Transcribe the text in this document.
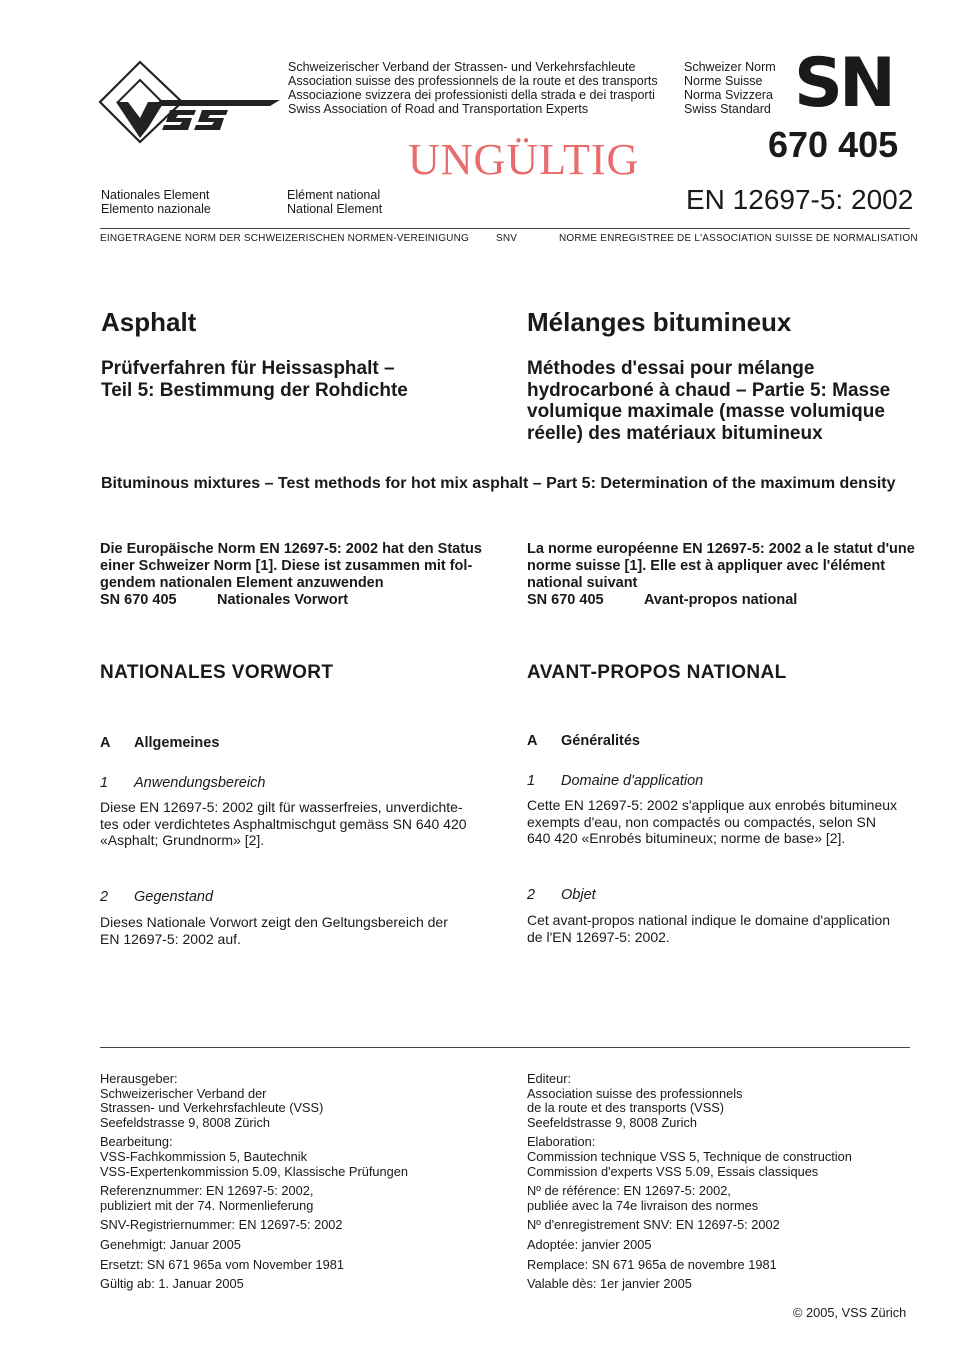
VSS
Schweizerischer Verband der Strassen- und Verkehrsfachleute
Association suisse des professionnels de la route et des transports
Associazione svizzera dei professionisti della strada e dei trasporti
Swiss Association of Road and Transportation Experts
Schweizer Norm
Norme Suisse
Norma Svizzera
Swiss Standard SN
670 405
UNGÜLTIG
Nationales Element
Elemento nazionale
Elément national
National Element	EN 12697-5: 2002
EINGETRAGENE NORM DER SCHWEIZERISCHEN NORMEN-VEREINIGUNG	SNV	NORME ENREGISTREE DE L'ASSOCIATION SUISSE DE NORMALISATION
Asphalt	Mélanges bitumineux
Prüfverfahren für Heissasphalt –
Teil 5: Bestimmung der Rohdichte
Méthodes d'essai pour mélange
hydrocarboné à chaud – Partie 5: Masse
volumique maximale (masse volumique
réelle) des matériaux bitumineux
Bituminous mixtures – Test methods for hot mix asphalt – Part 5: Determination of the maximum density
Die Europäische Norm EN 12697-5: 2002 hat den Status
einer Schweizer Norm [1]. Diese ist zusammen mit fol-
gendem nationalen Element anzuwenden
SN 670 405	Nationales Vorwort
La norme européenne EN 12697-5: 2002 a le statut d'une
norme suisse [1]. Elle est à appliquer avec l'élément
national suivant
SN 670 405	Avant-propos national
NATIONALES VORWORT	AVANT-PROPOS NATIONAL
A Allgemeines	A Généralités
1 Anwendungsbereich	1 Domaine d'application
Diese EN 12697-5: 2002 gilt für wasserfreies, unverdichte-
tes oder verdichtetes Asphaltmischgut gemäss SN 640 420
«Asphalt; Grundnorm» [2].
Cette EN 12697-5: 2002 s'applique aux enrobés bitumineux
exempts d'eau, non compactés ou compactés, selon SN
640 420 «Enrobés bitumineux; norme de base» [2].
2 Gegenstand	2 Objet
Dieses Nationale Vorwort zeigt den Geltungsbereich der
EN 12697-5: 2002 auf.
Cet avant-propos national indique le domaine d'application
de l'EN 12697-5: 2002.
Herausgeber:
Schweizerischer Verband der
Strassen- und Verkehrsfachleute (VSS)
Seefeldstrasse 9, 8008 Zürich
Bearbeitung:
VSS-Fachkommission 5, Bautechnik
VSS-Expertenkommission 5.09, Klassische Prüfungen
Referenznummer: EN 12697-5: 2002,
publiziert mit der 74. Normenlieferung
SNV-Registriernummer: EN 12697-5: 2002
Genehmigt: Januar 2005
Ersetzt: SN 671 965a vom November 1981
Gültig ab: 1. Januar 2005
Editeur:
Association suisse des professionnels
de la route et des transports (VSS)
Seefeldstrasse 9, 8008 Zurich
Elaboration:
Commission technique VSS 5, Technique de construction
Commission d'experts VSS 5.09, Essais classiques
Nº de référence: EN 12697-5: 2002,
publiée avec la 74e livraison des normes
Nº d'enregistrement SNV: EN 12697-5: 2002
Adoptée: janvier 2005
Remplace: SN 671 965a de novembre 1981
Valable dès: 1er janvier 2005
© 2005, VSS Zürich
